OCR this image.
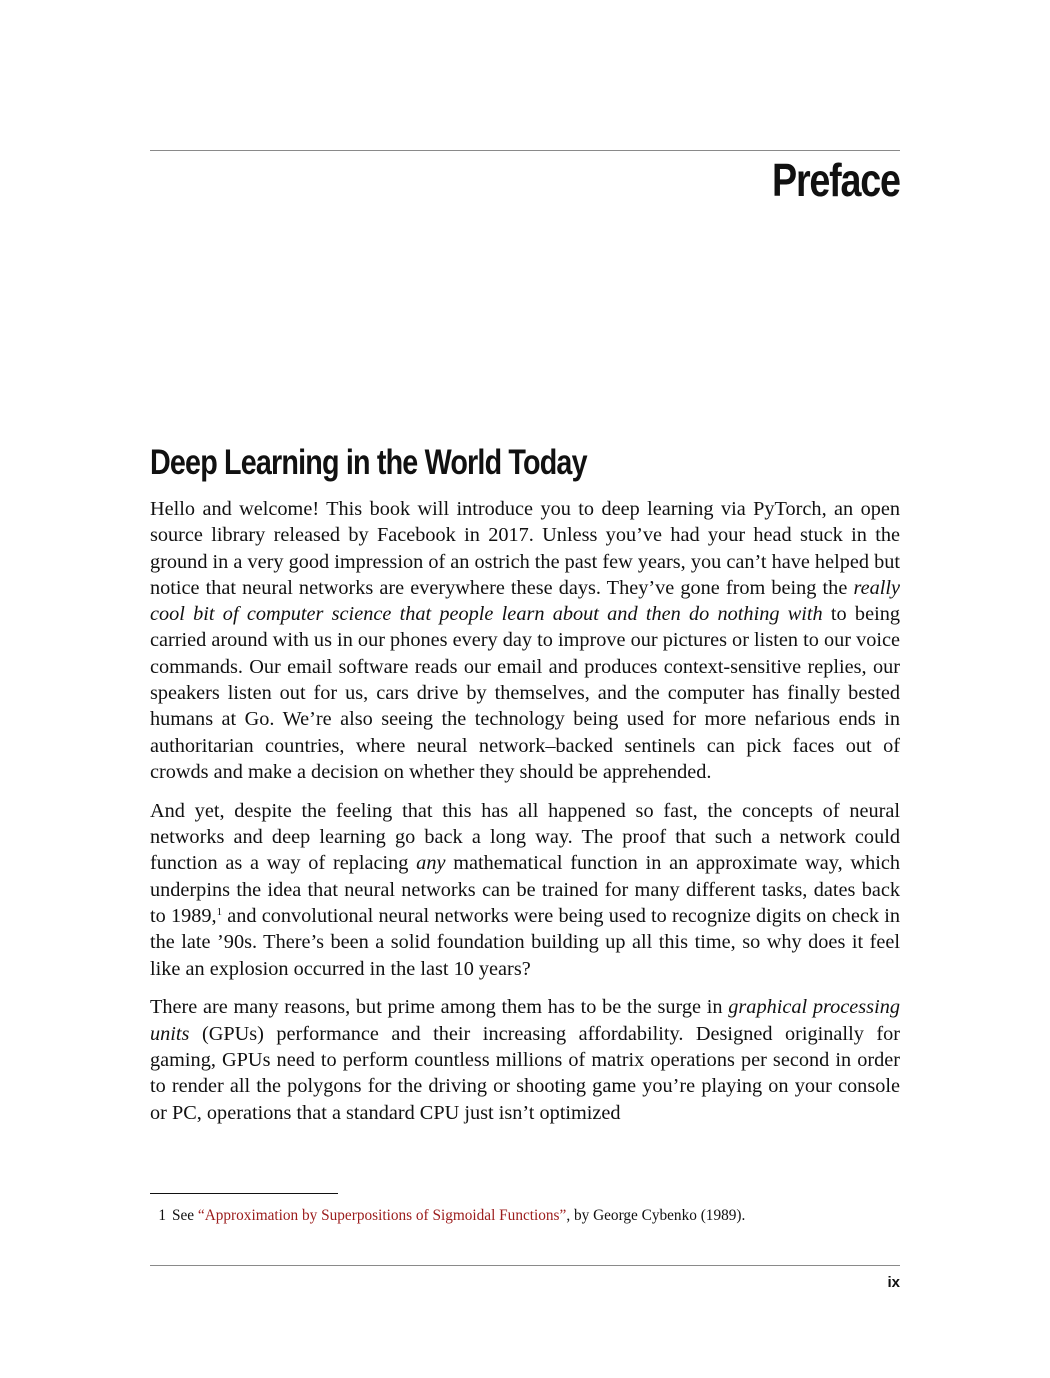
Preface
Deep Learning in the World Today

Hello and welcome! This book will introduce you to deep learning via PyTorch, an open source library released by Facebook in 2017. Unless you’ve had your head stuck in the ground in a very good impression of an ostrich the past few years, you can’t have helped but notice that neural networks are everywhere these days. They’ve gone from being the really cool bit of computer science that people learn about and then do nothing with to being carried around with us in our phones every day to improve our pictures or listen to our voice commands. Our email software reads our email and produces context-sensitive replies, our speakers listen out for us, cars drive by themselves, and the computer has finally bested humans at Go. We’re also seeing the technology being used for more nefarious ends in authoritarian countries, where neural network–backed sentinels can pick faces out of crowds and make a decision on whether they should be apprehended.

And yet, despite the feeling that this has all happened so fast, the concepts of neural networks and deep learning go back a long way. The proof that such a network could function as a way of replacing any mathematical function in an approximate way, which underpins the idea that neural networks can be trained for many different tasks, dates back to 1989,$^1$ and convolutional neural networks were being used to recognize digits on check in the late ’90s. There’s been a solid foundation building up all this time, so why does it feel like an explosion occurred in the last 10 years?

There are many reasons, but prime among them has to be the surge in graphical processing units (GPUs) performance and their increasing affordability. Designed originally for gaming, GPUs need to perform countless millions of matrix operations per second in order to render all the polygons for the driving or shooting game you’re playing on your console or PC, operations that a standard CPU just isn’t optimized

1 See “Approximation by Superpositions of Sigmoidal Functions”, by George Cybenko (1989).
ix
